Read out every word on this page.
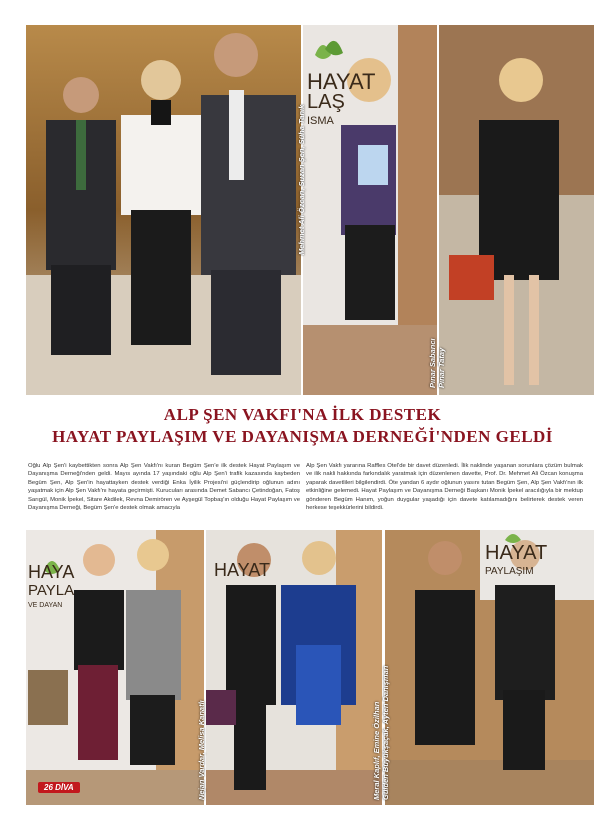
HAYAT
LAŞ
ISMA
Mehmet Ali Özcan, Suzan Şen, Süha Tanık
Pınar Sabancı Pınar Tatay
ALP ŞEN VAKFI'NA İLK DESTEK
HAYAT PAYLAŞIM VE DAYANIŞMA DERNEĞİ'NDEN GELDİ

Oğlu Alp Şen'i kaybettikten sonra Alp Şen Vakfı'nı kuran Begüm Şen'e ilk destek Hayat Paylaşım ve Dayanışma Derneği'nden geldi. Mayıs ayında 17 yaşındaki oğlu Alp Şen'i trafik kazasında kaybeden Begüm Şen, Alp Şen'in hayattayken destek verdiği Enka İyilik Projesi'ni güçlendirip oğlunun adını yaşatmak için Alp Şen Vakfı'nı hayata geçirmişti. Kurucuları arasında Demet Sabancı Çetindoğan, Fatoş Sarıgül, Monik İpekel, Sitare Akdilek, Revna Demirören ve Ayşegül Topbaş'ın olduğu Hayat Paylaşım ve Dayanışma Derneği, Begüm Şen'e destek olmak amacıyla

Alp Şen Vakfı yararına Raffles Otel'de bir davet düzenledi. İlik naklinde yaşanan sorunlara çözüm bulmak ve ilik nakli hakkında farkındalık yaratmak için düzenlenen davette, Prof. Dr. Mehmet Ali Özcan konuşma yaparak davetlileri bilgilendirdi. Öte yandan 6 aydır oğlunun yasını tutan Begüm Şen, Alp Şen Vakfı'nın ilk etkinliğine gelemedi. Hayat Paylaşım ve Dayanışma Derneği Başkanı Monik İpekel aracılığıyla bir mektup gönderen Begüm Hanım, yoğun duygular yaşadığı için davete katılamadığını belirterek destek veren herkese teşekkürlerini bildirdi.

HAYA
PAYLA
VE DAYAN
HAYAT
HAYAT
PAYLAŞIM
Nejan Vardar, Melisa Kanatlı	Meral Kaplıf, Emine Özilhan Gülden Büyükşaçak, Ayten Danışman
26 DİVA
